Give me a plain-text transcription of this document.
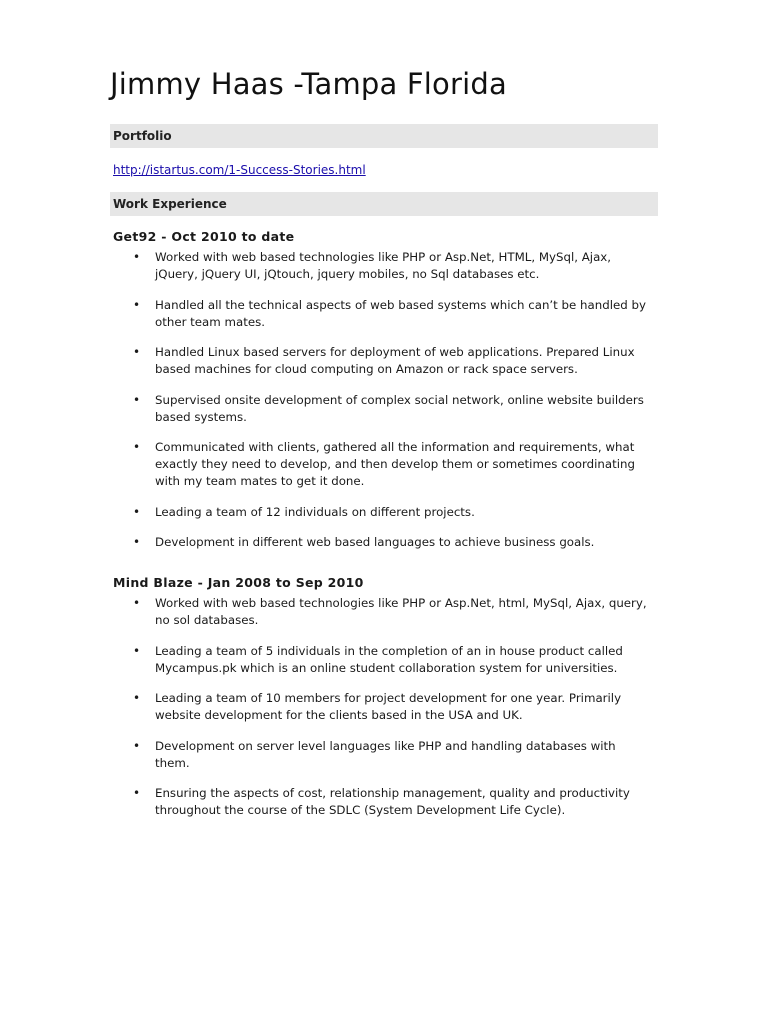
Jimmy Haas -Tampa Florida
Portfolio
http://istartus.com/1-Success-Stories.html
Work Experience
Get92 - Oct 2010 to date
• Worked with web based technologies like PHP or Asp.Net, HTML, MySql, Ajax, jQuery, jQuery UI, jQtouch, jquery mobiles, no Sql databases etc.
• Handled all the technical aspects of web based systems which can’t be handled by other team mates.
• Handled Linux based servers for deployment of web applications. Prepared Linux based machines for cloud computing on Amazon or rack space servers.
• Supervised onsite development of complex social network, online website builders based systems.
• Communicated with clients, gathered all the information and requirements, what exactly they need to develop, and then develop them or sometimes coordinating with my team mates to get it done.
• Leading a team of 12 individuals on different projects.
• Development in different web based languages to achieve business goals.
Mind Blaze - Jan 2008 to Sep 2010
• Worked with web based technologies like PHP or Asp.Net, html, MySql, Ajax, query, no sol databases.
• Leading a team of 5 individuals in the completion of an in house product called Mycampus.pk which is an online student collaboration system for universities.
• Leading a team of 10 members for project development for one year. Primarily website development for the clients based in the USA and UK.
• Development on server level languages like PHP and handling databases with them.
• Ensuring the aspects of cost, relationship management, quality and productivity throughout the course of the SDLC (System Development Life Cycle).
